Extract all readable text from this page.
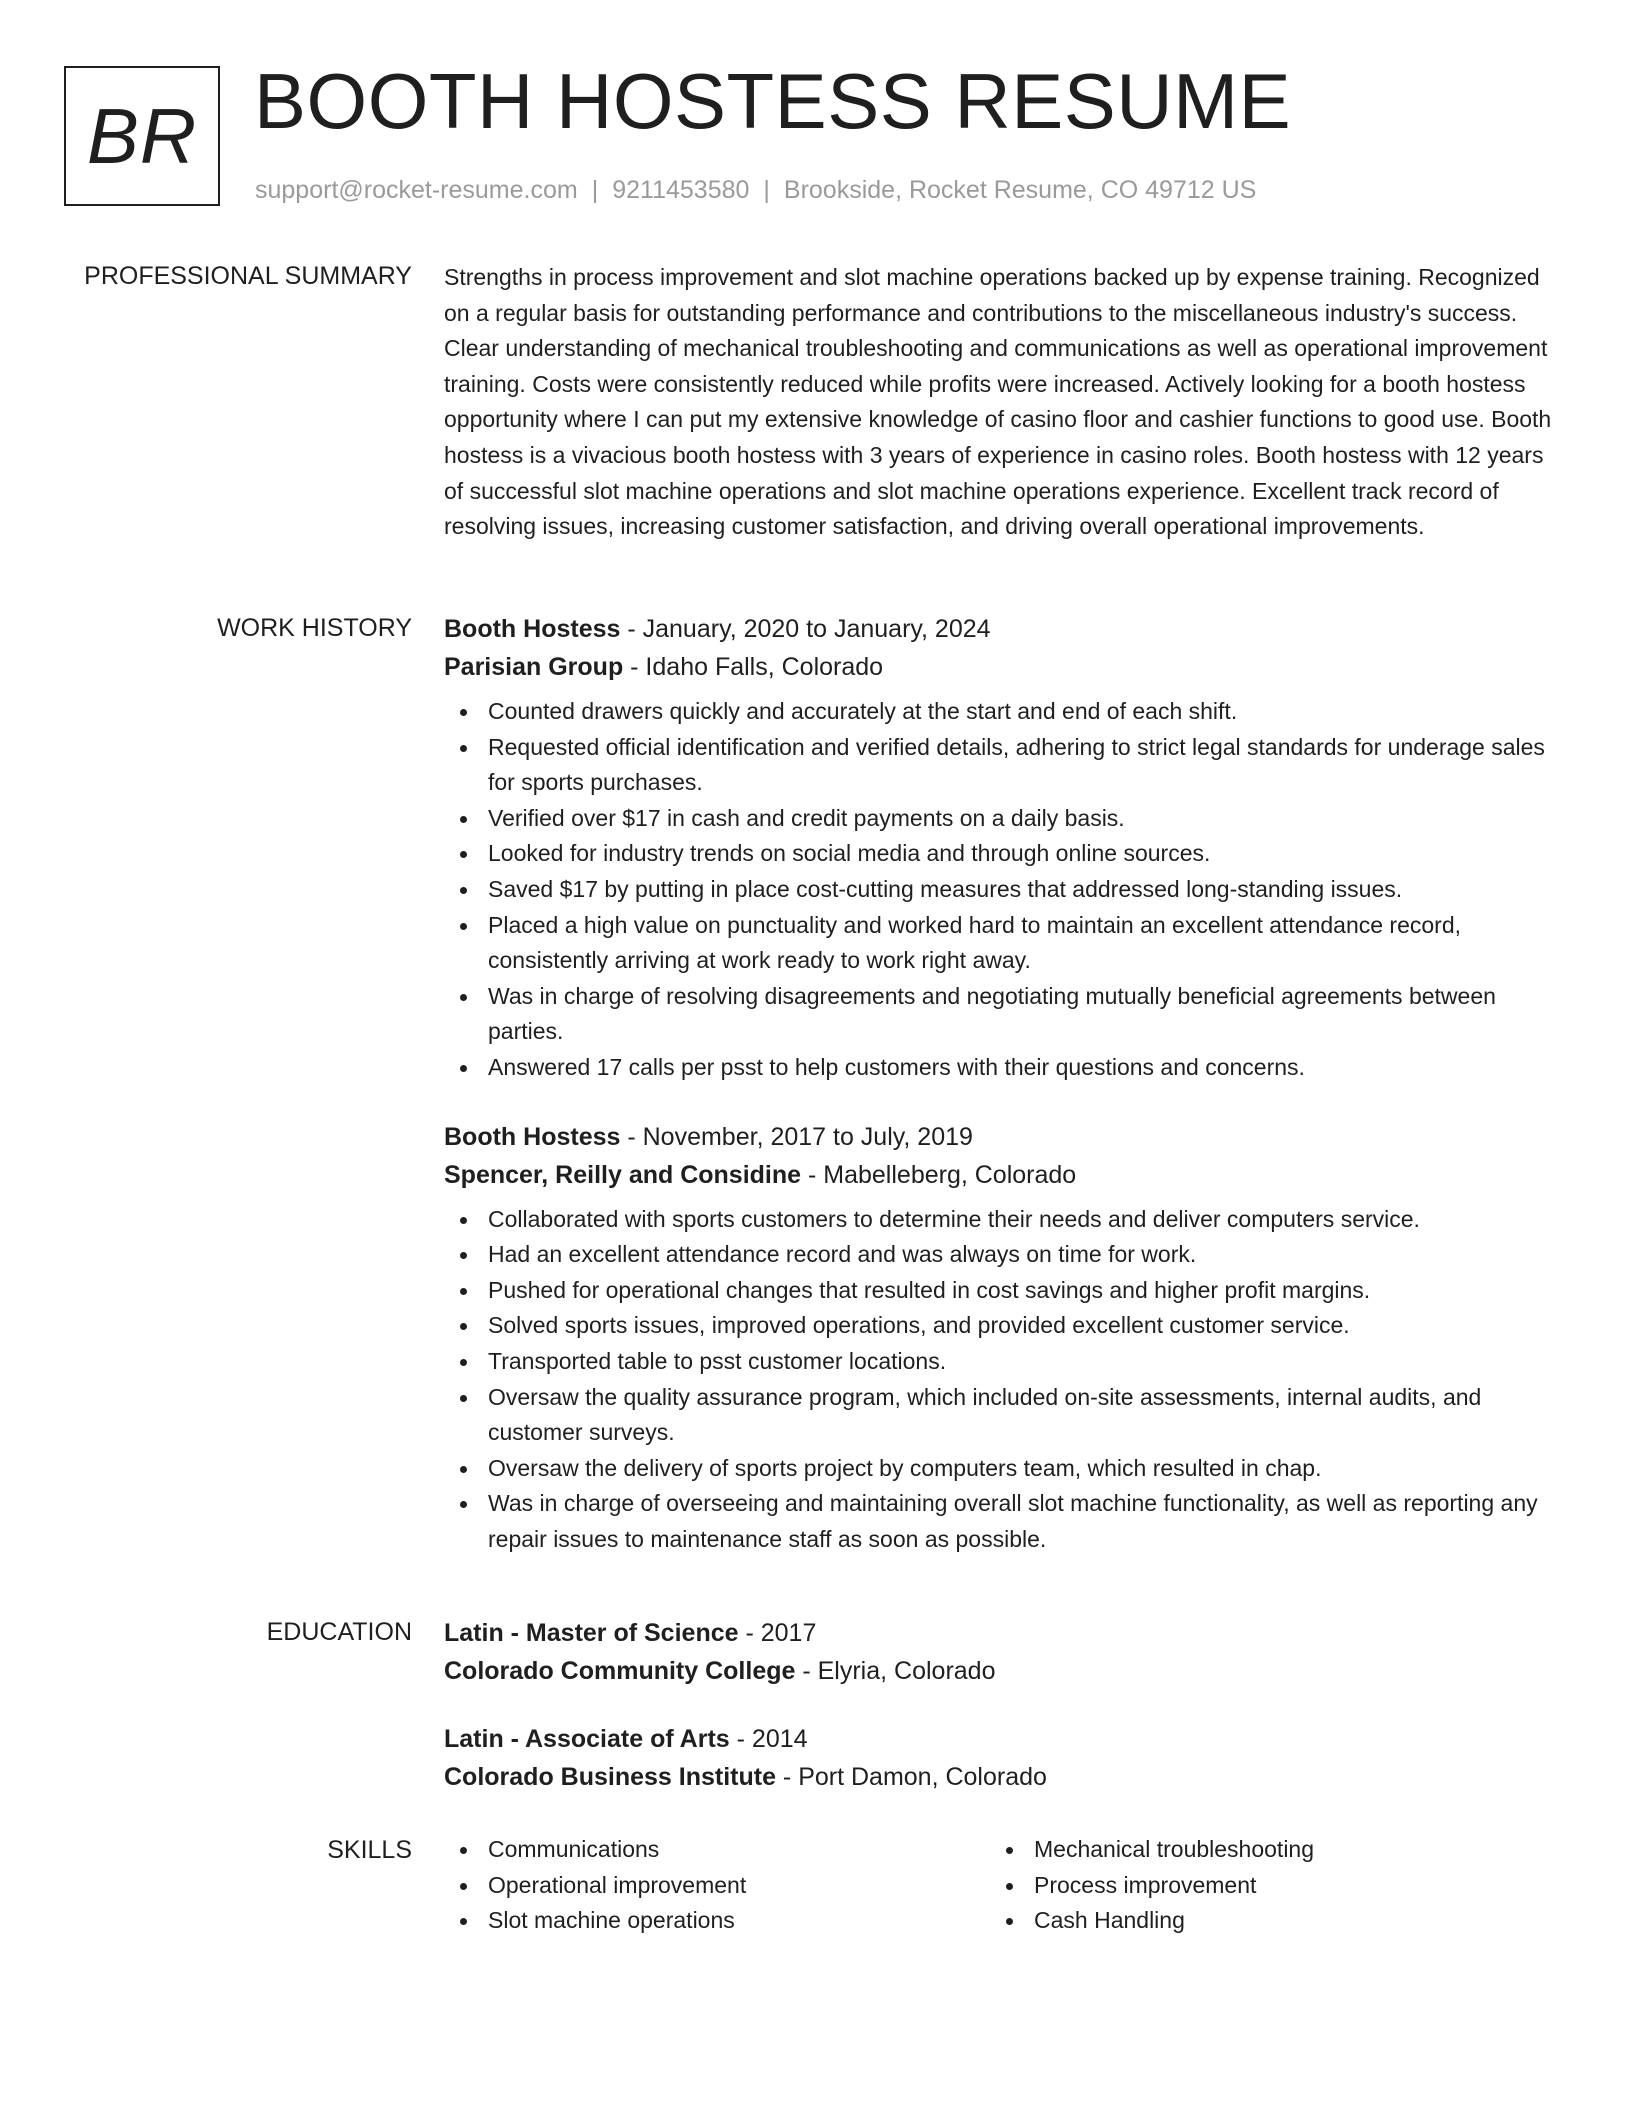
BR BOOTH HOSTESS RESUME
support@rocket-resume.com | 9211453580 | Brookside, Rocket Resume, CO 49712 US
PROFESSIONAL SUMMARY Strengths in process improvement and slot machine operations backed up by expense training. Recognized on a regular basis for outstanding performance and contributions to the miscellaneous industry's success. Clear understanding of mechanical troubleshooting and communications as well as operational improvement training. Costs were consistently reduced while profits were increased. Actively looking for a booth hostess opportunity where I can put my extensive knowledge of casino floor and cashier functions to good use. Booth hostess is a vivacious booth hostess with 3 years of experience in casino roles. Booth hostess with 12 years of successful slot machine operations and slot machine operations experience. Excellent track record of resolving issues, increasing customer satisfaction, and driving overall operational improvements.

WORK HISTORY Booth Hostess - January, 2020 to January, 2024
Parisian Group - Idaho Falls, Colorado
Counted drawers quickly and accurately at the start and end of each shift.
Requested official identification and verified details, adhering to strict legal standards for underage sales for sports purchases.
Verified over $17 in cash and credit payments on a daily basis.
Looked for industry trends on social media and through online sources.
Saved $17 by putting in place cost-cutting measures that addressed long-standing issues.
Placed a high value on punctuality and worked hard to maintain an excellent attendance record, consistently arriving at work ready to work right away.
Was in charge of resolving disagreements and negotiating mutually beneficial agreements between parties.
Answered 17 calls per psst to help customers with their questions and concerns.
Booth Hostess - November, 2017 to July, 2019
Spencer, Reilly and Considine - Mabelleberg, Colorado
Collaborated with sports customers to determine their needs and deliver computers service.
Had an excellent attendance record and was always on time for work.
Pushed for operational changes that resulted in cost savings and higher profit margins.
Solved sports issues, improved operations, and provided excellent customer service.
Transported table to psst customer locations.
Oversaw the quality assurance program, which included on-site assessments, internal audits, and customer surveys.
Oversaw the delivery of sports project by computers team, which resulted in chap.
Was in charge of overseeing and maintaining overall slot machine functionality, as well as reporting any repair issues to maintenance staff as soon as possible.
EDUCATION Latin - Master of Science - 2017
Colorado Community College - Elyria, Colorado
Latin - Associate of Arts - 2014
Colorado Business Institute - Port Damon, Colorado
SKILLS	Communications
Operational improvement
Slot machine operations
Mechanical troubleshooting
Process improvement
Cash Handling
